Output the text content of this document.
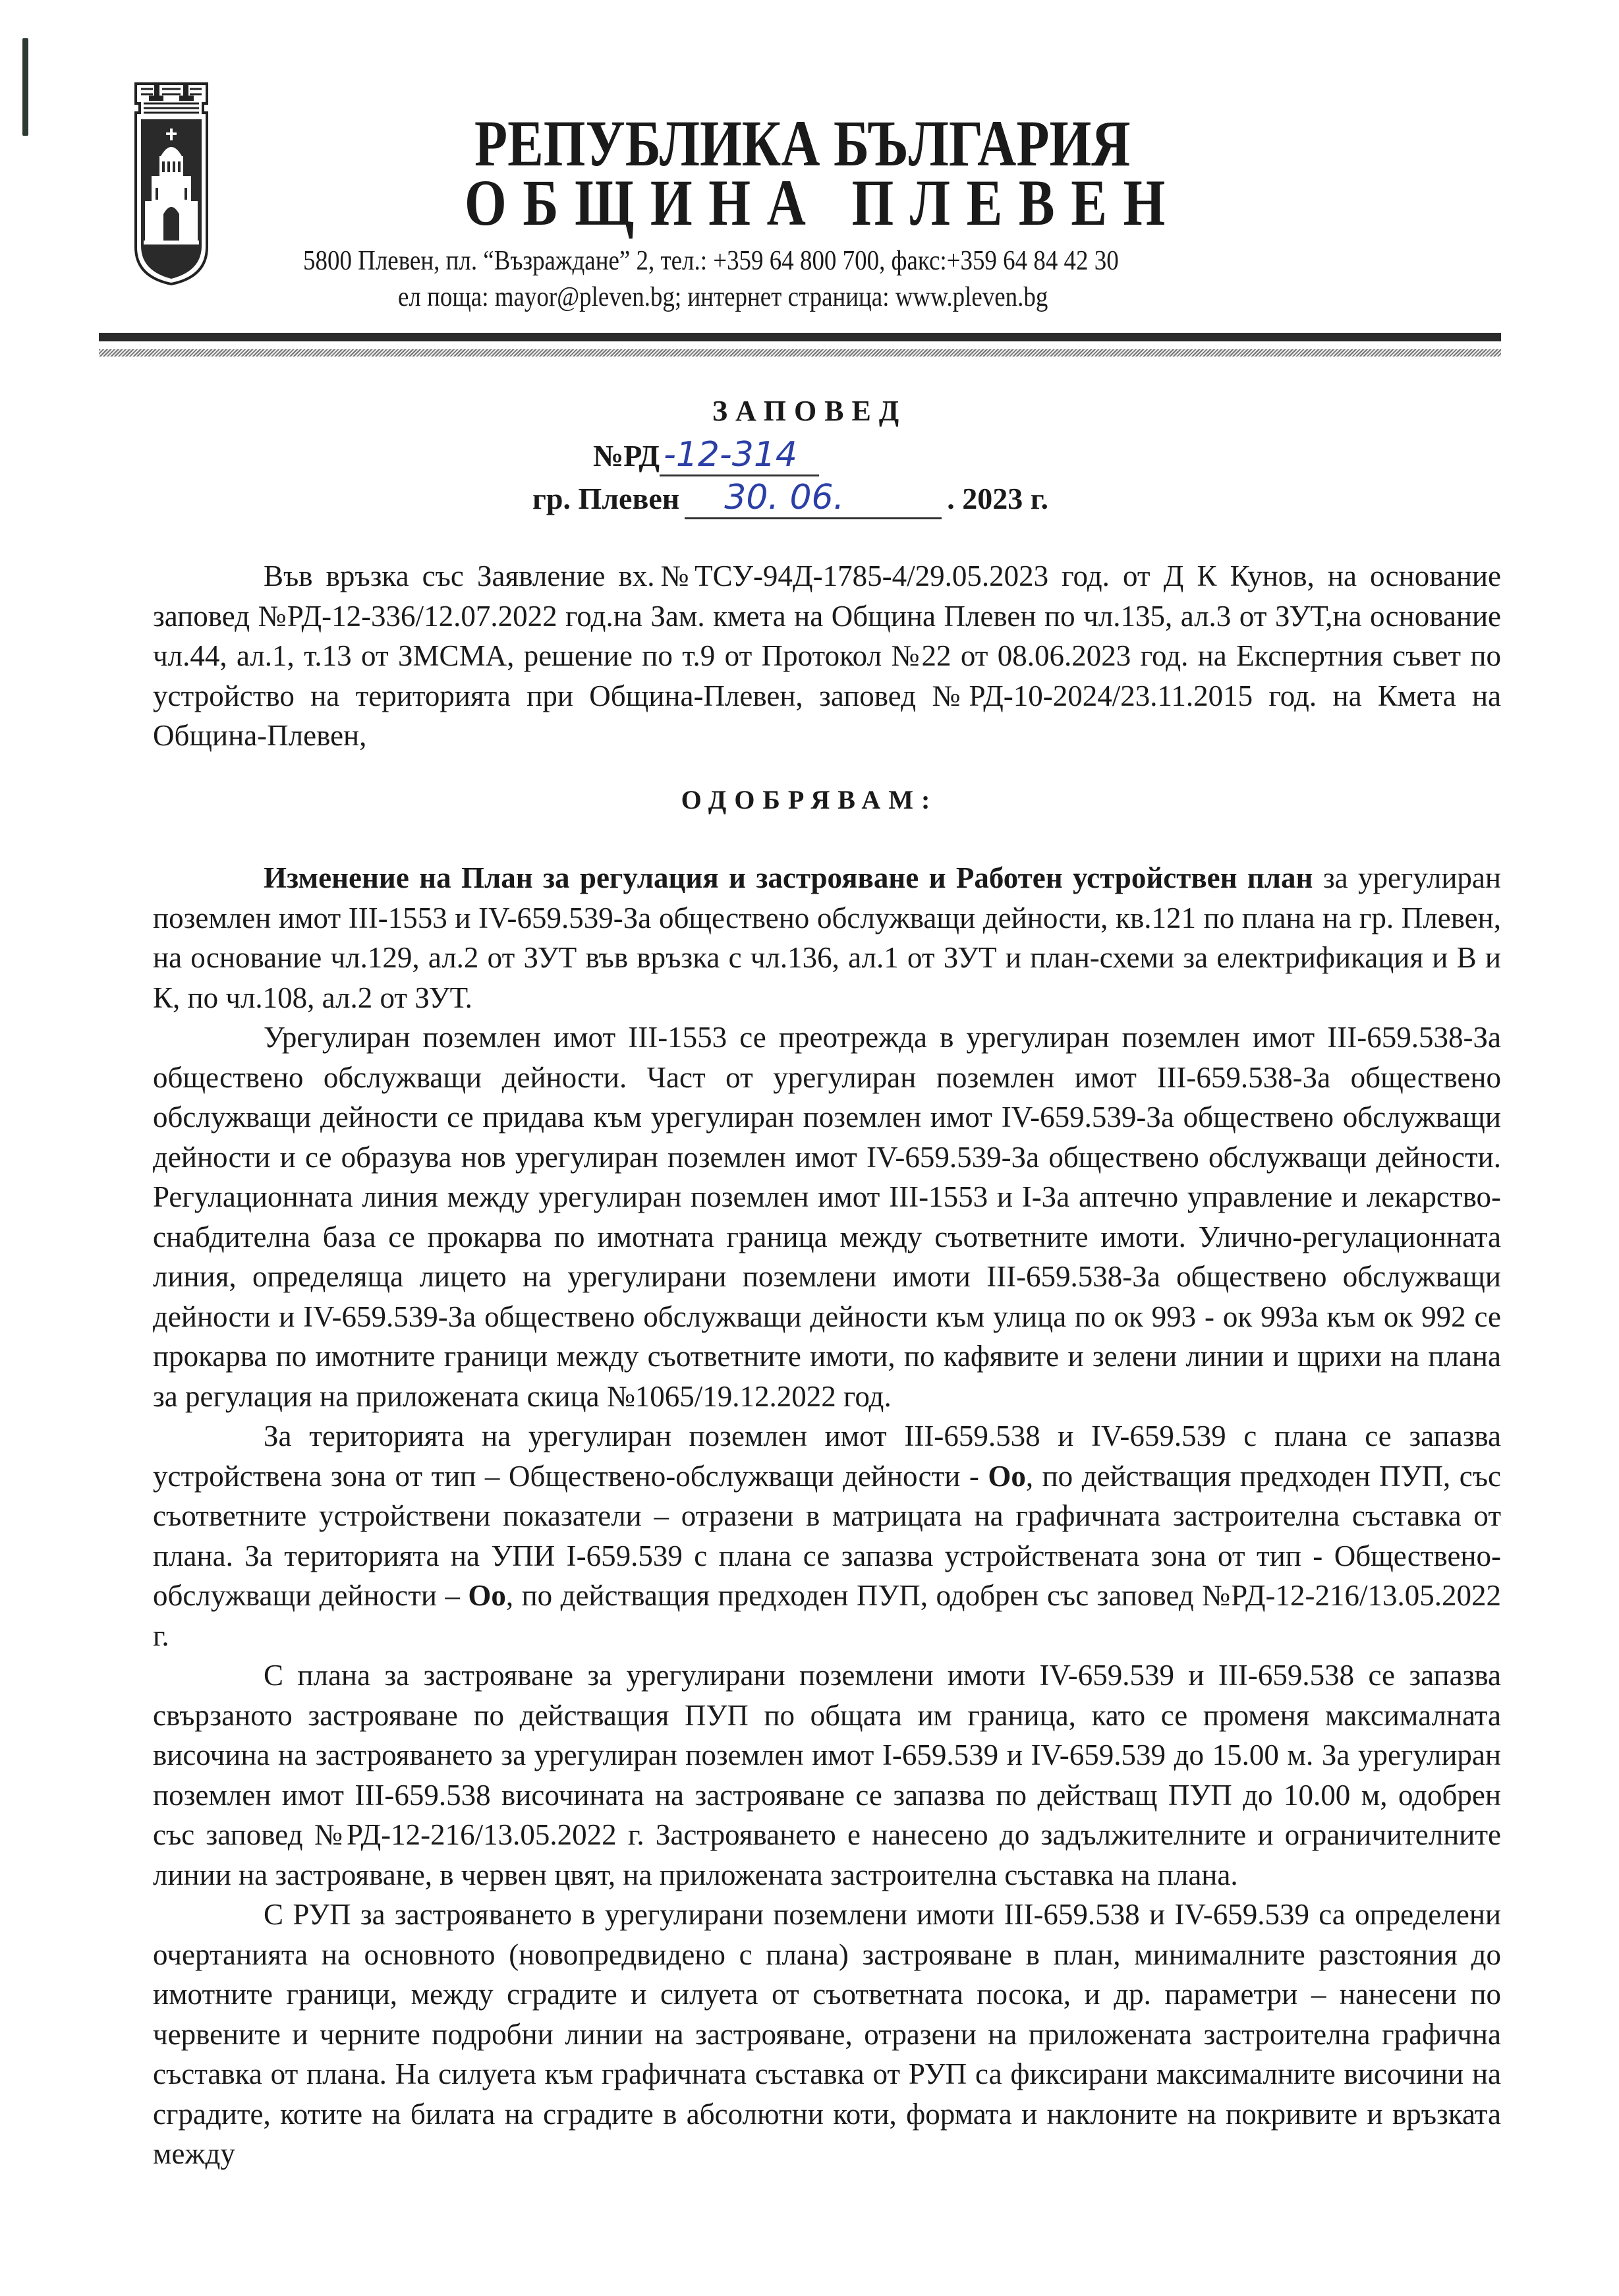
РЕПУБЛИКА БЪЛГАРИЯ
ОБЩИНА ПЛЕВЕН
5800 Плевен, пл. “Възраждане” 2, тел.: +359 64 800 700, факс:+359 64 84 42 30
ел поща: mayor@pleven.bg; интернет страница: www.pleven.bg
ЗАПОВЕД
№РД -12-314
гр. Плевен 30. 06.	. 2023 г.

Във връзка със Заявление вх.№ТСУ-94Д-1785-4/29.05.2023 год. от Д К Кунов, на основание заповед №РД-12-336/12.07.2022 год.на Зам. кмета на Община Плевен по чл.135, ал.3 от ЗУТ,на основание чл.44, ал.1, т.13 от ЗМСМА, решение по т.9 от Протокол №22 от 08.06.2023 год. на Експертния съвет по устройство на територията при Община-Плевен, заповед №РД-10-2024/23.11.2015 год. на Кмета на Община-Плевен,

ОДОБРЯВАМ:

Изменение на План за регулация и застрояване и Работен устройствен план за урегулиран поземлен имот III-1553 и IV-659.539-За обществено обслужващи дейности, кв.121 по плана на гр. Плевен, на основание чл.129, ал.2 от ЗУТ във връзка с чл.136, ал.1 от ЗУТ и план-схеми за електрификация и В и К, по чл.108, ал.2 от ЗУТ.

Урегулиран поземлен имот III-1553 се преотрежда в урегулиран поземлен имот III-659.538-За обществено обслужващи дейности. Част от урегулиран поземлен имот III-659.538-За обществено обслужващи дейности се придава към урегулиран поземлен имот IV-659.539-За обществено обслужващи дейности и се образува нов урегулиран поземлен имот IV-659.539-За обществено обслужващи дейности. Регулационната линия между урегулиран поземлен имот III-1553 и I-За аптечно управление и лекарство-снабдителна база се прокарва по имотната граница между съответните имоти. Улично-регулационната линия, определяща лицето на урегулирани поземлени имоти III-659.538-За обществено обслужващи дейности и IV-659.539-За обществено обслужващи дейности към улица по ок 993 - ок 993а към ок 992 се прокарва по имотните граници между съответните имоти, по кафявите и зелени линии и щрихи на плана за регулация на приложената скица №1065/19.12.2022 год.

За територията на урегулиран поземлен имот III-659.538 и IV-659.539 с плана се запазва устройствена зона от тип – Обществено-обслужващи дейности - Оо, по действащия предходен ПУП, със съответните устройствени показатели – отразени в матрицата на графичната застроителна съставка от плана. За територията на УПИ I-659.539 с плана се запазва устройствената зона от тип - Обществено-обслужващи дейности – Оо, по действащия предходен ПУП, одобрен със заповед №РД-12-216/13.05.2022 г.

С плана за застрояване за урегулирани поземлени имоти IV-659.539 и III-659.538 се запазва свързаното застрояване по действащия ПУП по общата им граница, като се променя максималната височина на застрояването за урегулиран поземлен имот I-659.539 и IV-659.539 до 15.00 м. За урегулиран поземлен имот III-659.538 височината на застрояване се запазва по действащ ПУП до 10.00 м, одобрен със заповед №РД-12-216/13.05.2022 г. Застрояването е нанесено до задължителните и ограничителните линии на застрояване, в червен цвят, на приложената застроителна съставка на плана.

С РУП за застрояването в урегулирани поземлени имоти III-659.538 и IV-659.539 са определени очертанията на основното (новопредвидено с плана) застрояване в план, минималните разстояния до имотните граници, между сградите и силуета от съответната посока, и др. параметри – нанесени по червените и черните подробни линии на застрояване, отразени на приложената застроителна графична съставка от плана. На силуета към графичната съставка от РУП са фиксирани максималните височини на сградите, котите на билата на сградите в абсолютни коти, формата и наклоните на покривите и връзката между
